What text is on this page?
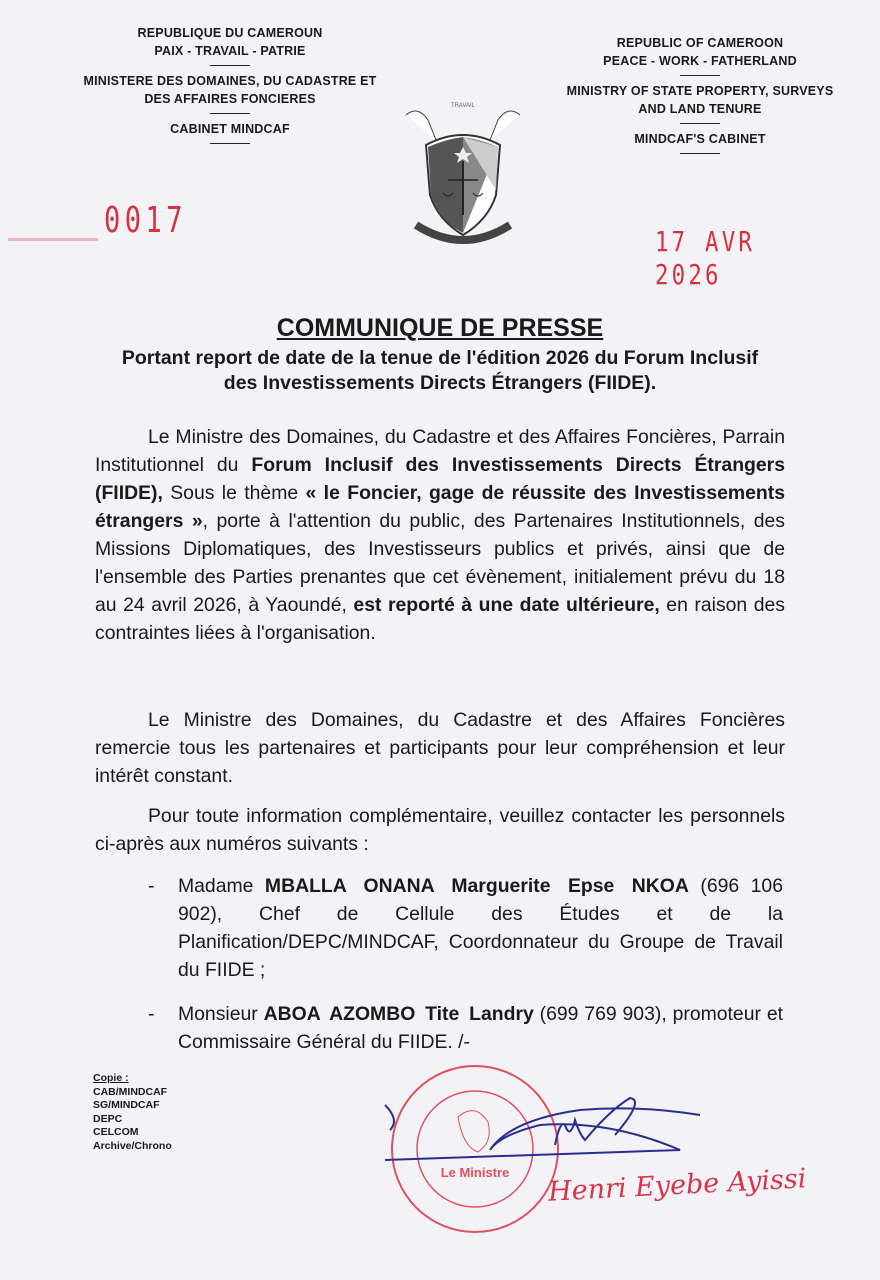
REPUBLIQUE DU CAMEROUN
PAIX - TRAVAIL - PATRIE
MINISTERE DES DOMAINES, DU CADASTRE ET DES AFFAIRES FONCIERES
CABINET MINDCAF
REPUBLIC OF CAMEROON
PEACE - WORK - FATHERLAND
MINISTRY OF STATE PROPERTY, SURVEYS AND LAND TENURE
MINDCAF'S CABINET
TRAVAIL
0017
17 AVR 2026
COMMUNIQUE DE PRESSE
Portant report de date de la tenue de l'édition 2026 du Forum Inclusif des Investissements Directs Étrangers (FIIDE).
Le Ministre des Domaines, du Cadastre et des Affaires Foncières, Parrain Institutionnel du Forum Inclusif des Investissements Directs Étrangers (FIIDE), Sous le thème « le Foncier, gage de réussite des Investissements étrangers », porte à l'attention du public, des Partenaires Institutionnels, des Missions Diplomatiques, des Investisseurs publics et privés, ainsi que de l'ensemble des Parties prenantes que cet évènement, initialement prévu du 18 au 24 avril 2026, à Yaoundé, est reporté à une date ultérieure, en raison des contraintes liées à l'organisation.
Le Ministre des Domaines, du Cadastre et des Affaires Foncières remercie tous les partenaires et participants pour leur compréhension et leur intérêt constant.
Pour toute information complémentaire, veuillez contacter les personnels ci-après aux numéros suivants :
- Madame MBALLA ONANA Marguerite Epse NKOA (696 106 902), Chef de Cellule des Études et de la Planification/DEPC/MINDCAF, Coordonnateur du Groupe de Travail du FIIDE ;
- Monsieur ABOA AZOMBO Tite Landry (699 769 903), promoteur et Commissaire Général du FIIDE. /-
Copie :
CAB/MINDCAF
SG/MINDCAF
DEPC
CELCOM
Archive/Chrono
Le Ministre Henri Eyebe Ayissi
